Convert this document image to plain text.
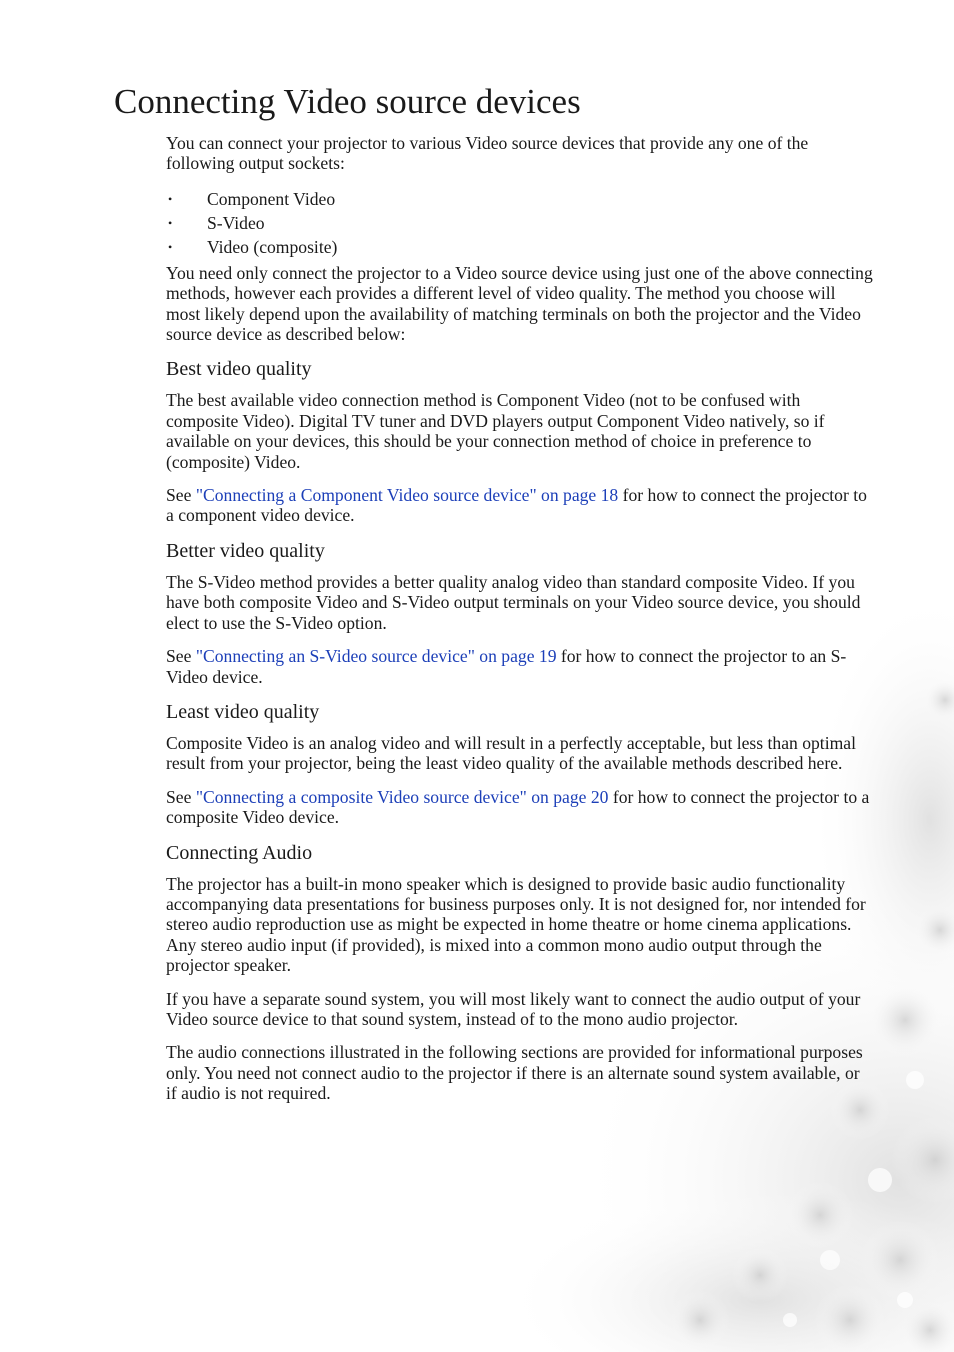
Connecting Video source devices

You can connect your projector to various Video source devices that provide any one of the following output sockets:

• Component Video
• S-Video
• Video (composite)

You need only connect the projector to a Video source device using just one of the above connecting methods, however each provides a different level of video quality. The method you choose will most likely depend upon the availability of matching terminals on both the projector and the Video source device as described below:

Best video quality

The best available video connection method is Component Video (not to be confused with composite Video). Digital TV tuner and DVD players output Component Video natively, so if available on your devices, this should be your connection method of choice in preference to (composite) Video.

See "Connecting a Component Video source device" on page 18 for how to connect the projector to a component video device.

Better video quality

The S-Video method provides a better quality analog video than standard composite Video. If you have both composite Video and S-Video output terminals on your Video source device, you should elect to use the S-Video option.

See "Connecting an S-Video source device" on page 19 for how to connect the projector to an S-Video device.

Least video quality

Composite Video is an analog video and will result in a perfectly acceptable, but less than optimal result from your projector, being the least video quality of the available methods described here.

See "Connecting a composite Video source device" on page 20 for how to connect the projector to a composite Video device.

Connecting Audio

The projector has a built-in mono speaker which is designed to provide basic audio functionality accompanying data presentations for business purposes only. It is not designed for, nor intended for stereo audio reproduction use as might be expected in home theatre or home cinema applications. Any stereo audio input (if provided), is mixed into a common mono audio output through the projector speaker.

If you have a separate sound system, you will most likely want to connect the audio output of your Video source device to that sound system, instead of to the mono audio projector.

The audio connections illustrated in the following sections are provided for informational purposes only. You need not connect audio to the projector if there is an alternate sound system available, or if audio is not required.
